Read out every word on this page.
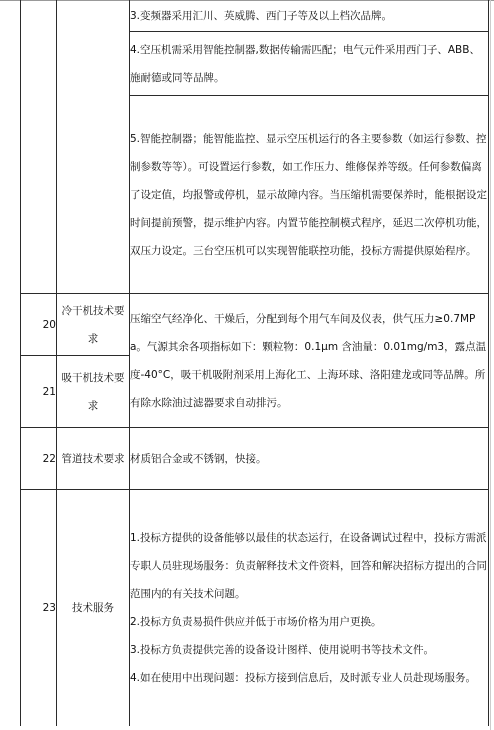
		3.变频器采用汇川、英威腾、西门子等及以上档次品牌。

		4.空压机需采用智能控制器,数据传输需匹配；电气元件采用西门子、ABB、施耐德或同等品牌。

		5.智能控制器；能智能监控、显示空压机运行的各主要参数（如运行参数、控制参数等等）。可设置运行参数，如工作压力、维修保养等级。任何参数偏离了设定值，均报警或停机，显示故障内容。当压缩机需要保养时，能根据设定时间提前预警，提示维护内容。内置节能控制模式程序，延迟二次停机功能，双压力设定。三台空压机可以实现智能联控功能，投标方需提供原始程序。

20	冷干机技术要求	压缩空气经净化、干燥后，分配到每个用气车间及仪表，供气压力≥0.7MPa。气源其余各项指标如下：颗粒物：0.1μm 含油量：0.01mg/m3，露点温度-40°C，吸干机吸附剂采用上海化工、上海环球、洛阳建龙或同等品牌。所有除水除油过滤器要求自动排污。

21	吸干机技术要求	
22	管道技术要求	材质铝合金或不锈钢，快接。

23	技术服务	1.投标方提供的设备能够以最佳的状态运行，在设备调试过程中，投标方需派专职人员驻现场服务：负责解释技术文件资料，回答和解决招标方提出的合同范围内的有关技术问题。

2.投标方负责易损件供应并低于市场价格为用户更换。

3.投标方负责提供完善的设备设计图样、使用说明书等技术文件。

4.如在使用中出现问题：投标方接到信息后，及时派专业人员赴现场服务。
